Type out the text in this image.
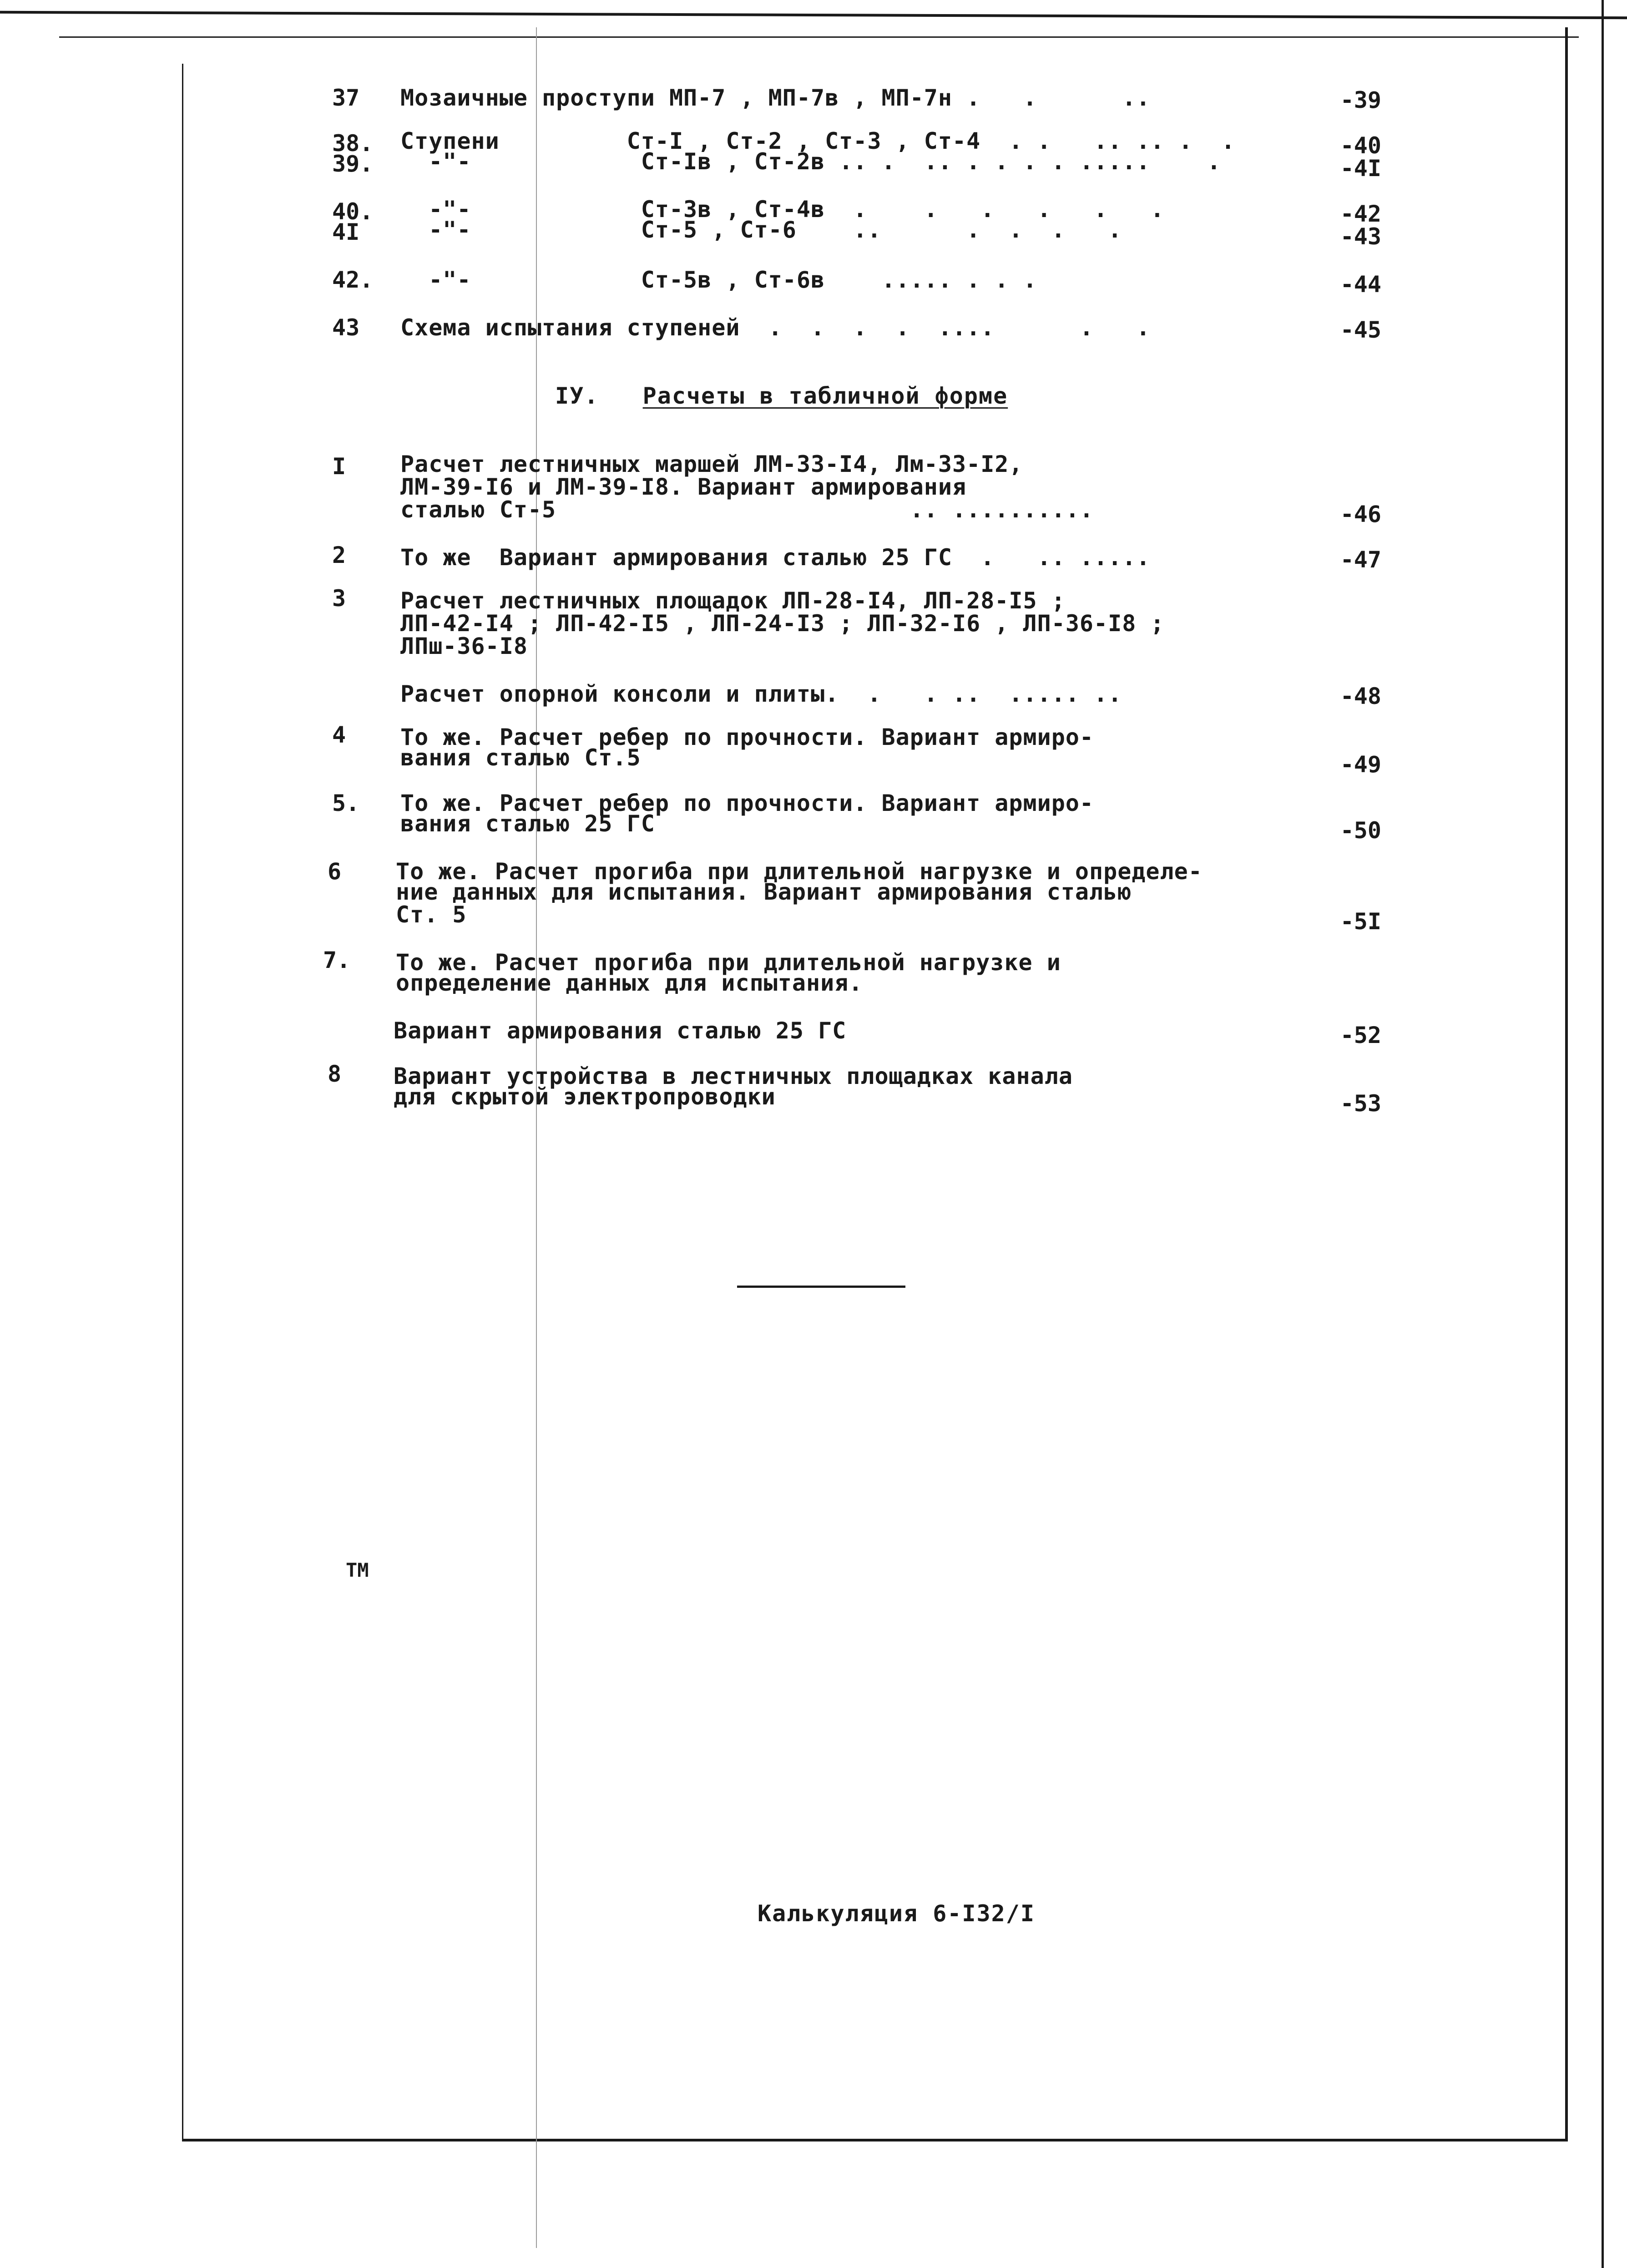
37 Мозаичные проступи МП-7 , МП-7в , МП-7н .   .      ..	-39
38. Ступени         Ст-I , Ст-2 , Ст-3 , Ст-4  . .   .. .. .  .	-40
39. -"-            Ст-Iв , Ст-2в .. .  .. . . . . .....    .	-4I
40. -"-            Ст-3в , Ст-4в  .    .   .   .   .   .	-42
4I -"-            Ст-5 , Ст-6    ..      .  .  .   .	-43
42. -"-            Ст-5в , Ст-6в    ..... . . .	-44
43 Схема испытания ступеней  .  .  .  .  ....      .   .	-45
IУ. Расчеты в табличной форме
I Расчет лестничных маршей ЛМ-33-I4, Лм-33-I2,
ЛМ-39-I6 и ЛМ-39-I8. Вариант армирования
сталью Ст-5                         .. ..........	-46
2 То же  Вариант армирования сталью 25 ГС  .   .. .....	-47
3 Расчет лестничных площадок ЛП-28-I4, ЛП-28-I5 ;
ЛП-42-I4 ; ЛП-42-I5 , ЛП-24-I3 ; ЛП-32-I6 , ЛП-36-I8 ;
ЛПш-36-I8
Расчет опорной консоли и плиты.  .   . ..  ..... ..	-48
4 То же. Расчет ребер по прочности. Вариант армиро-
вания сталью Ст.5	-49
5. То же. Расчет ребер по прочности. Вариант армиро-
вания сталью 25 ГС	-50
6 То же. Расчет прогиба при длительной нагрузке и определе-
ние данных для испытания. Вариант армирования сталью
Ст. 5	-5I
7. То же. Расчет прогиба при длительной нагрузке и
определение данных для испытания.
Вариант армирования сталью 25 ГС	-52
8 Вариант устройства в лестничных площадках канала
для скрытой электропроводки	-53
ТМ
Калькуляция 6-I32/I
